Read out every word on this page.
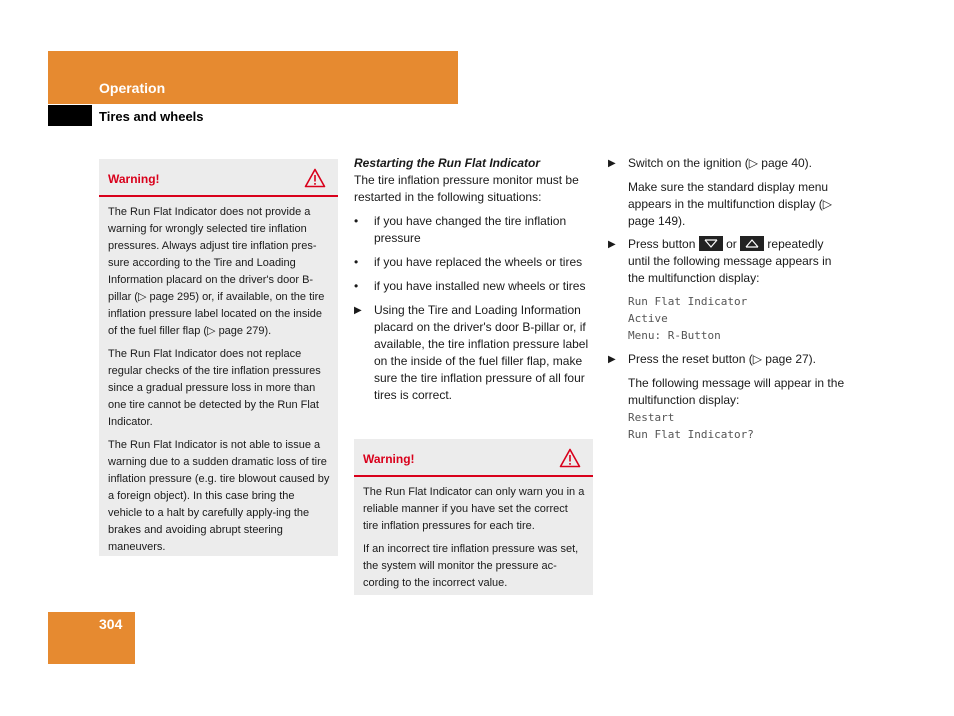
Operation
Tires and wheels
Warning!

The Run Flat Indicator does not provide a warning for wrongly selected tire inflation pressures. Always adjust tire inflation pres-sure according to the Tire and Loading Information placard on the driver's door B-pillar (▷ page 295) or, if available, on the tire inflation pressure label located on the inside of the fuel filler flap (▷ page 279).

The Run Flat Indicator does not replace regular checks of the tire inflation pressures since a gradual pressure loss in more than one tire cannot be detected by the Run Flat Indicator.

The Run Flat Indicator is not able to issue a warning due to a sudden dramatic loss of tire inflation pressure (e.g. tire blowout caused by a foreign object). In this case bring the vehicle to a halt by carefully apply-ing the brakes and avoiding abrupt steering maneuvers.

Restarting the Run Flat Indicator

The tire inflation pressure monitor must be restarted in the following situations:

• if you have changed the tire inflation pressure
• if you have replaced the wheels or tires
• if you have installed new wheels or tires
▶ Using the Tire and Loading Information placard on the driver's door B-pillar or, if available, the tire inflation pressure label on the inside of the fuel filler flap, make sure the tire inflation pressure of all four tires is correct.
Warning!

The Run Flat Indicator can only warn you in a reliable manner if you have set the correct tire inflation pressures for each tire.

If an incorrect tire inflation pressure was set, the system will monitor the pressure ac-cording to the incorrect value.

▶ Switch on the ignition (▷ page 40).

Make sure the standard display menu appears in the multifunction display (▷ page 149).

▶ Press button	or	repeatedly until the following message appears in the multifunction display:
Run Flat Indicator
Active
Menu: R-Button
▶ Press the reset button (▷ page 27).

The following message will appear in the multifunction display:

Restart
Run Flat Indicator?
304
